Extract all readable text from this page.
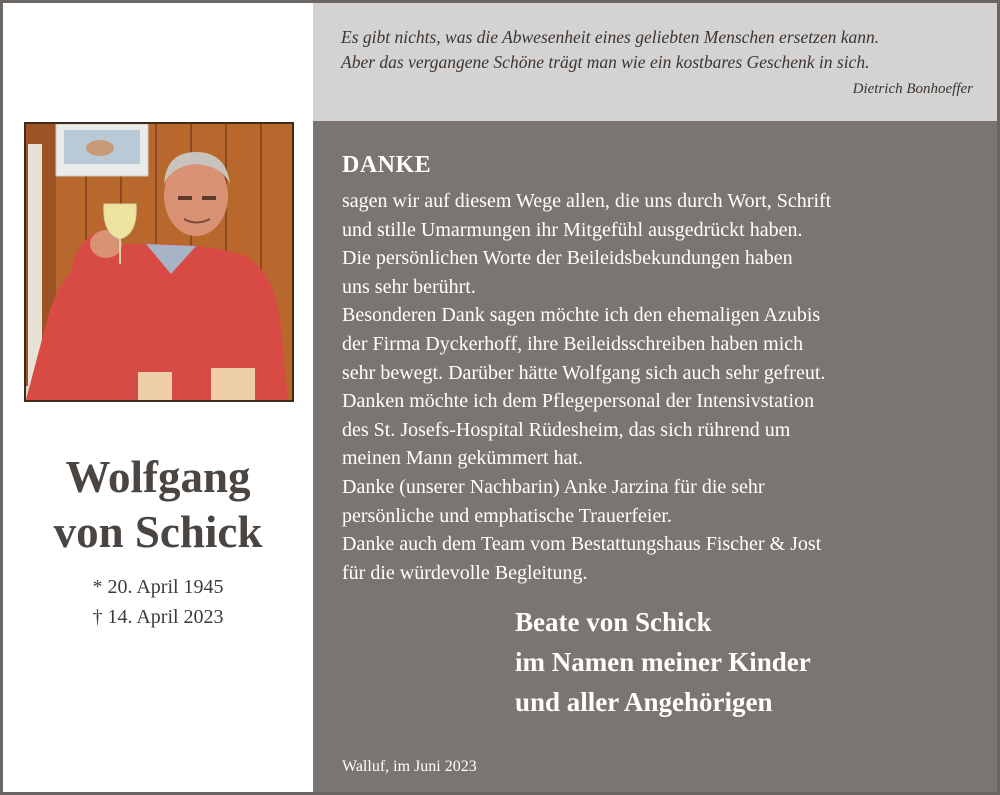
Es gibt nichts, was die Abwesenheit eines geliebten Menschen ersetzen kann.
Aber das vergangene Schöne trägt man wie ein kostbares Geschenk in sich.
Dietrich Bonhoeffer
Wolfgang
von Schick
* 20. April 1945
† 14. April 2023
DANKE
sagen wir auf diesem Wege allen, die uns durch Wort, Schrift
und stille Umarmungen ihr Mitgefühl ausgedrückt haben.
Die persönlichen Worte der Beileidsbekundungen haben
uns sehr berührt.
Besonderen Dank sagen möchte ich den ehemaligen Azubis
der Firma Dyckerhoff, ihre Beileidsschreiben haben mich
sehr bewegt. Darüber hätte Wolfgang sich auch sehr gefreut.
Danken möchte ich dem Pflegepersonal der Intensivstation
des St. Josefs-Hospital Rüdesheim, das sich rührend um
meinen Mann gekümmert hat.
Danke (unserer Nachbarin) Anke Jarzina für die sehr
persönliche und emphatische Trauerfeier.
Danke auch dem Team vom Bestattungshaus Fischer & Jost
für die würdevolle Begleitung.
Beate von Schick
im Namen meiner Kinder
und aller Angehörigen
Walluf, im Juni 2023
